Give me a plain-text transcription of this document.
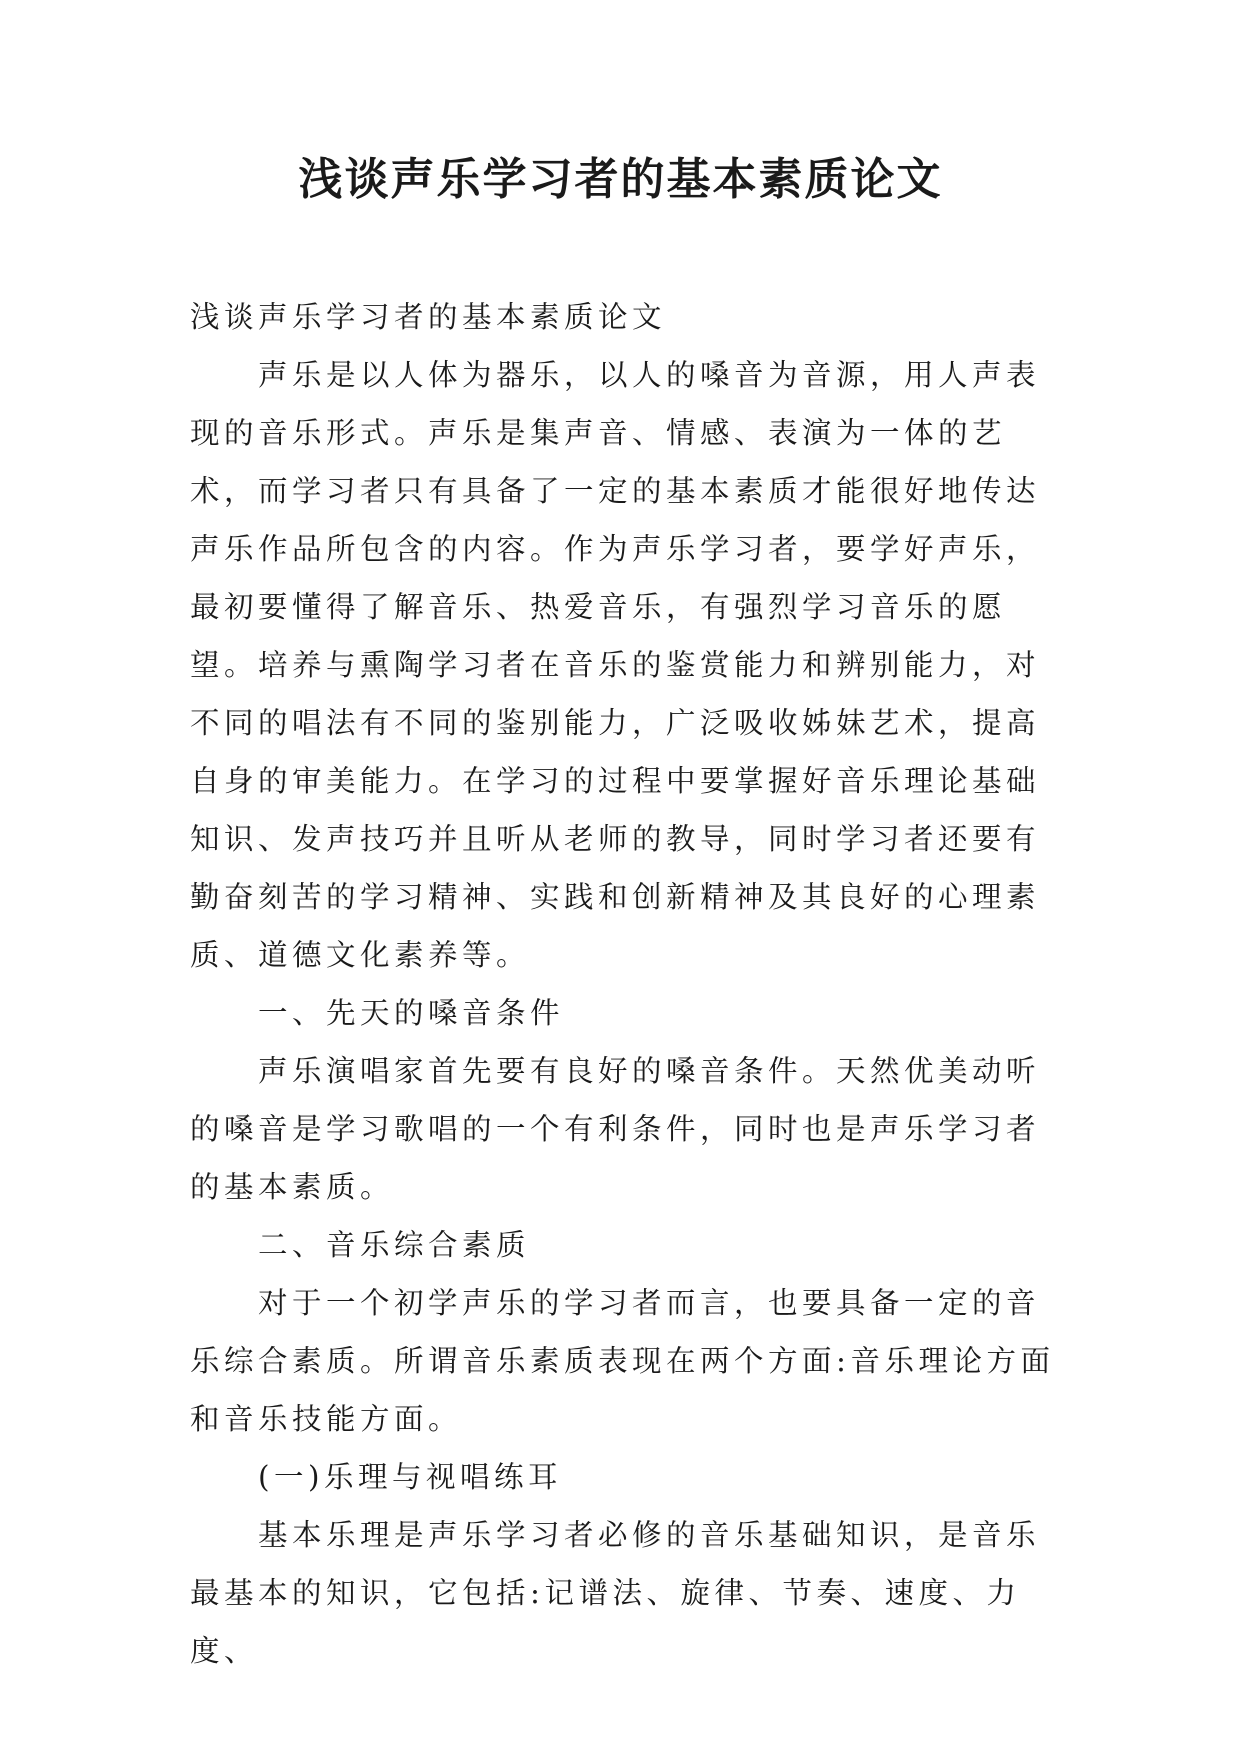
浅谈声乐学习者的基本素质论文

浅谈声乐学习者的基本素质论文

声乐是以人体为器乐，以人的嗓音为音源，用人声表现的音乐形式。声乐是集声音、情感、表演为一体的艺术，而学习者只有具备了一定的基本素质才能很好地传达声乐作品所包含的内容。作为声乐学习者，要学好声乐，最初要懂得了解音乐、热爱音乐，有强烈学习音乐的愿望。培养与熏陶学习者在音乐的鉴赏能力和辨别能力，对不同的唱法有不同的鉴别能力，广泛吸收姊妹艺术，提高自身的审美能力。在学习的过程中要掌握好音乐理论基础知识、发声技巧并且听从老师的教导，同时学习者还要有勤奋刻苦的学习精神、实践和创新精神及其良好的心理素质、道德文化素养等。

一、先天的嗓音条件

声乐演唱家首先要有良好的嗓音条件。天然优美动听的嗓音是学习歌唱的一个有利条件，同时也是声乐学习者的基本素质。

二、音乐综合素质

对于一个初学声乐的学习者而言，也要具备一定的音乐综合素质。所谓音乐素质表现在两个方面:音乐理论方面和音乐技能方面。

(一)乐理与视唱练耳

基本乐理是声乐学习者必修的音乐基础知识，是音乐最基本的知识，它包括:记谱法、旋律、节奏、速度、力度、
